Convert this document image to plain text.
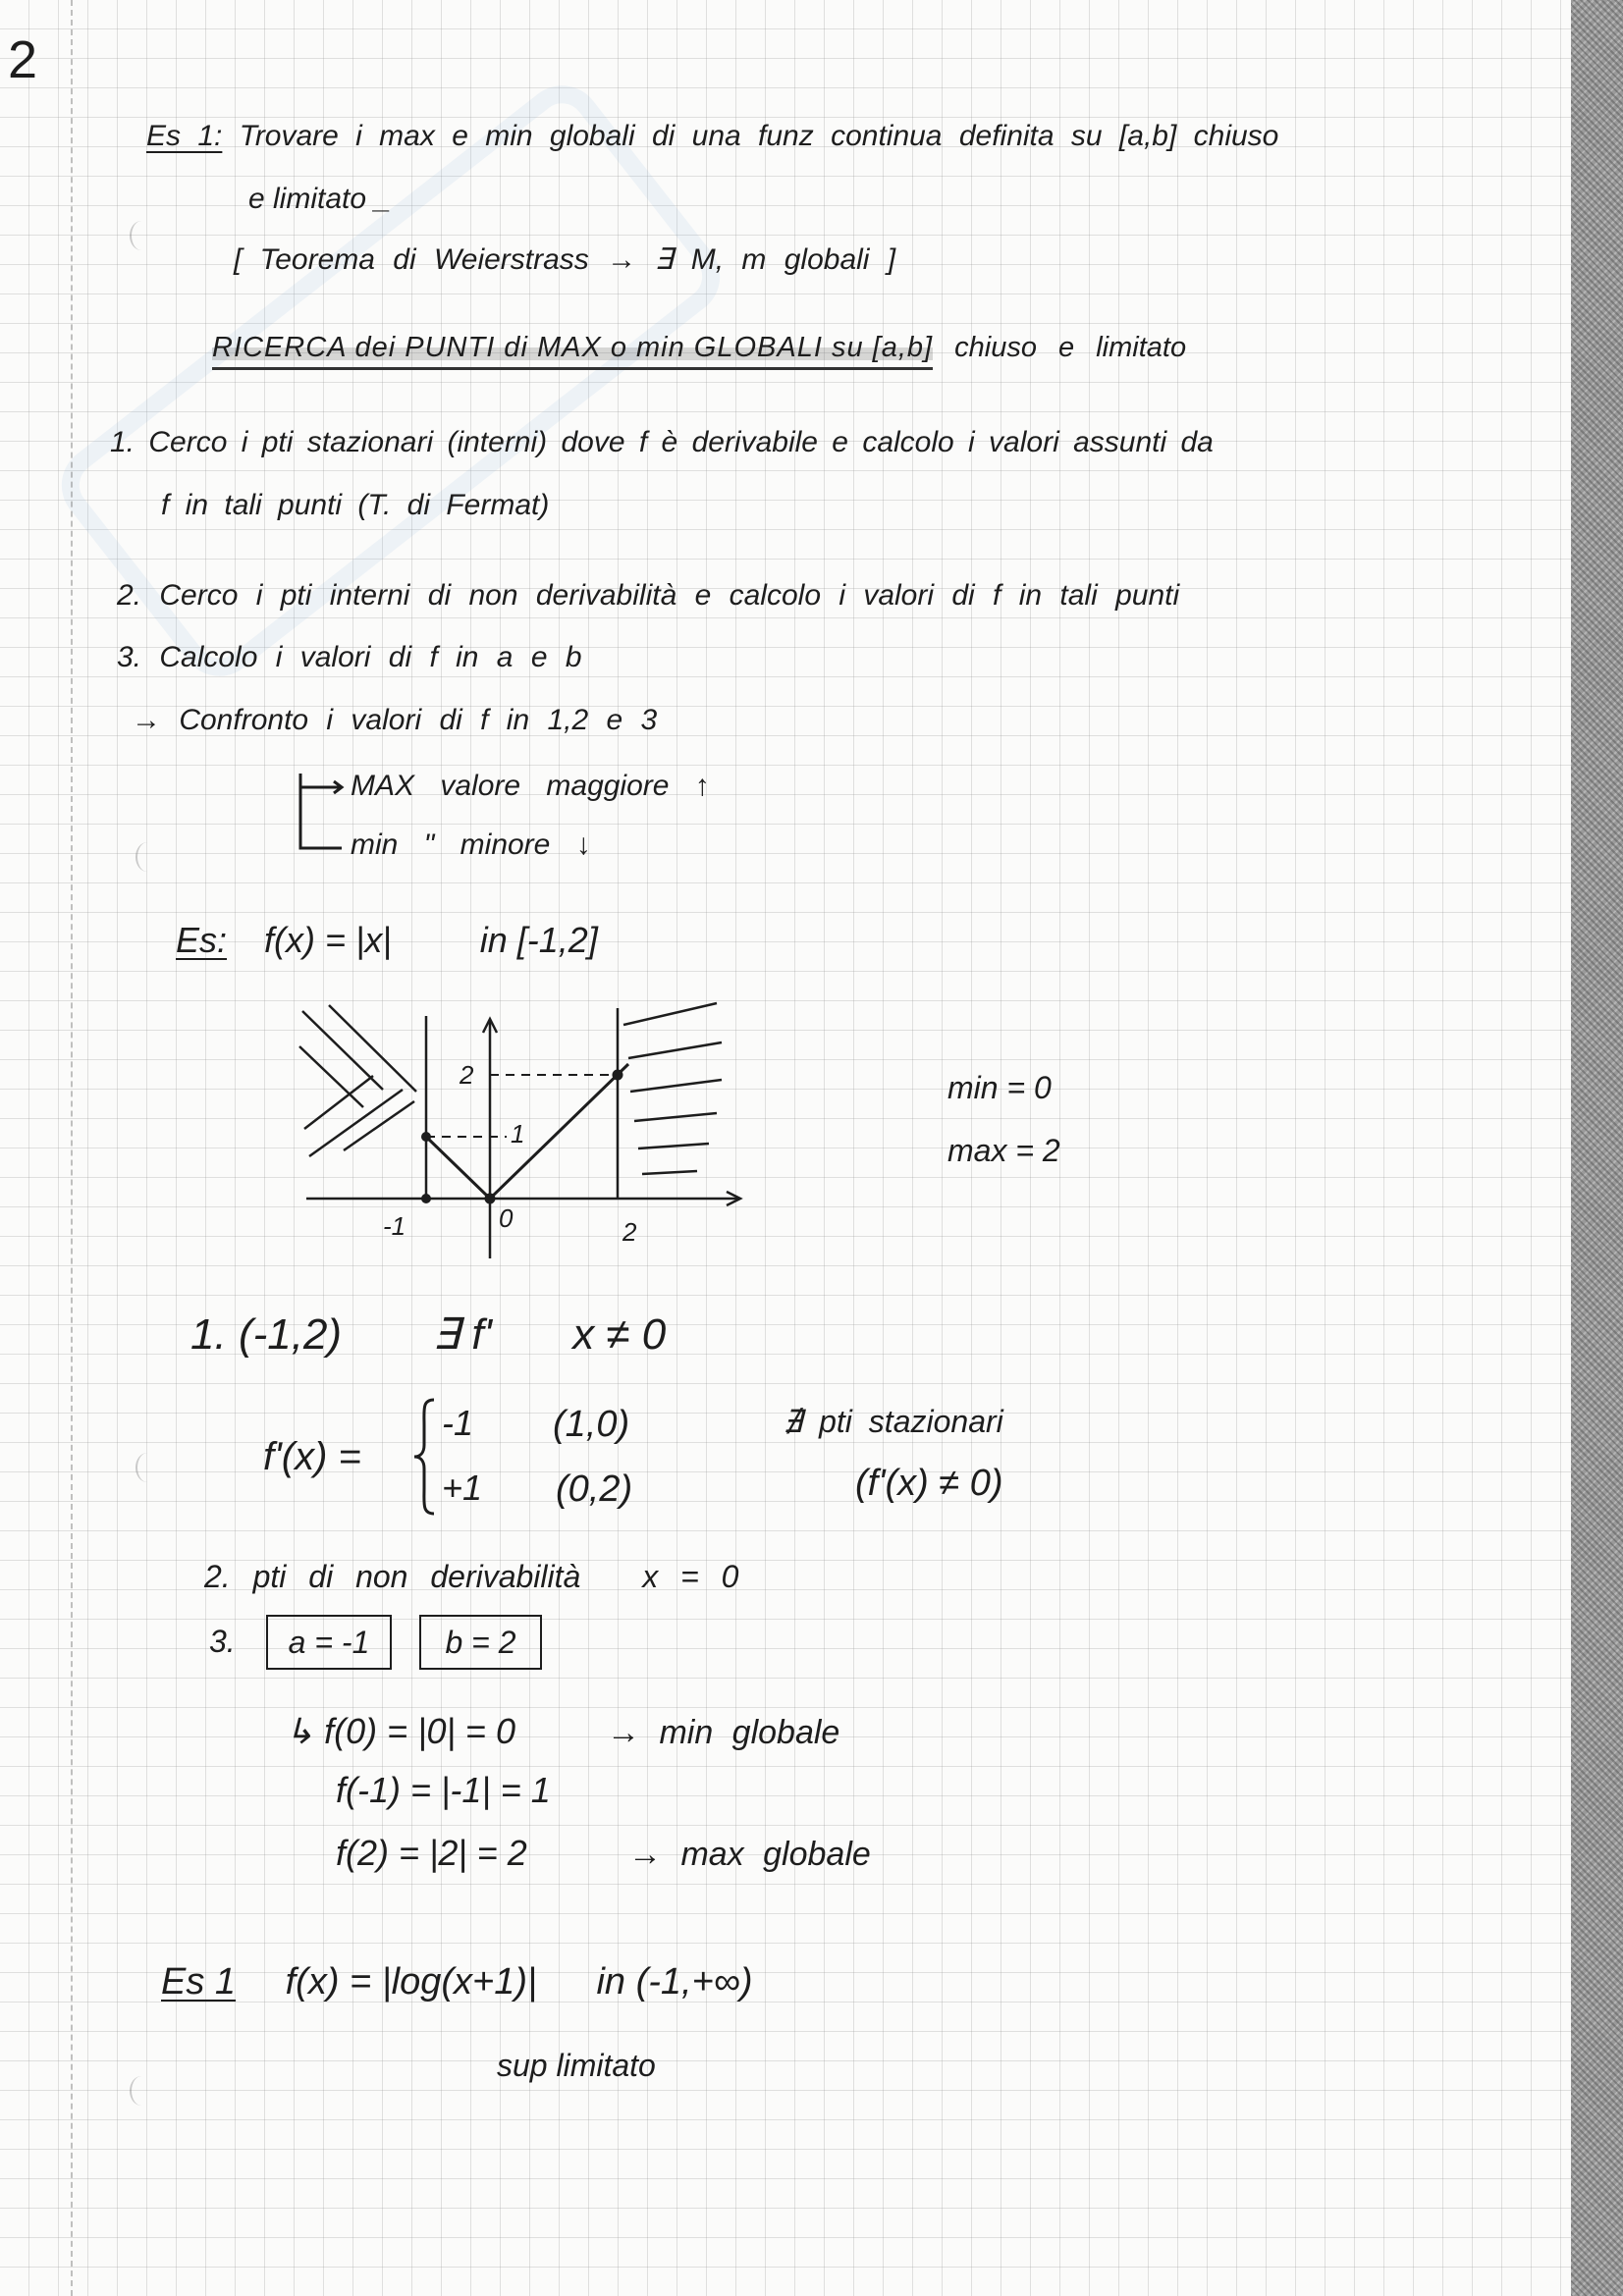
2
Es 1: Trovare i max e min globali di una funz continua definita su [a,b] chiuso
e limitato _
[ Teorema di Weierstrass → ∃ M, m globali ]
RICERCA dei PUNTI di MAX o min GLOBALI su [a,b] chiuso e limitato
1. Cerco i pti stazionari (interni) dove f è derivabile e calcolo i valori assunti da
f in tali punti (T. di Fermat)
2. Cerco i pti interni di non derivabilità e calcolo i valori di f in tali punti
3. Calcolo i valori di f in a e b
→ Confronto i valori di f in 1,2 e 3
MAX valore maggiore ↑
min " minore ↓
Es: f(x) = |x|	in [-1,2]
-1	0	2
2
1
min = 0
max = 2
1. (-1,2) ∃ f' x ≠ 0
f'(x) =
-1 (1,0)
+1 (0,2)
∄ pti stazionari
(f'(x) ≠ 0)
2. pti di non derivabilità x = 0
3. a = -1 b = 2
↳ f(0) = |0| = 0	→ min globale
f(-1) = |-1| = 1
f(2) = |2| = 2	→ max globale
Es 1 f(x) = |log(x+1)| in (-1,+∞)
sup limitato
